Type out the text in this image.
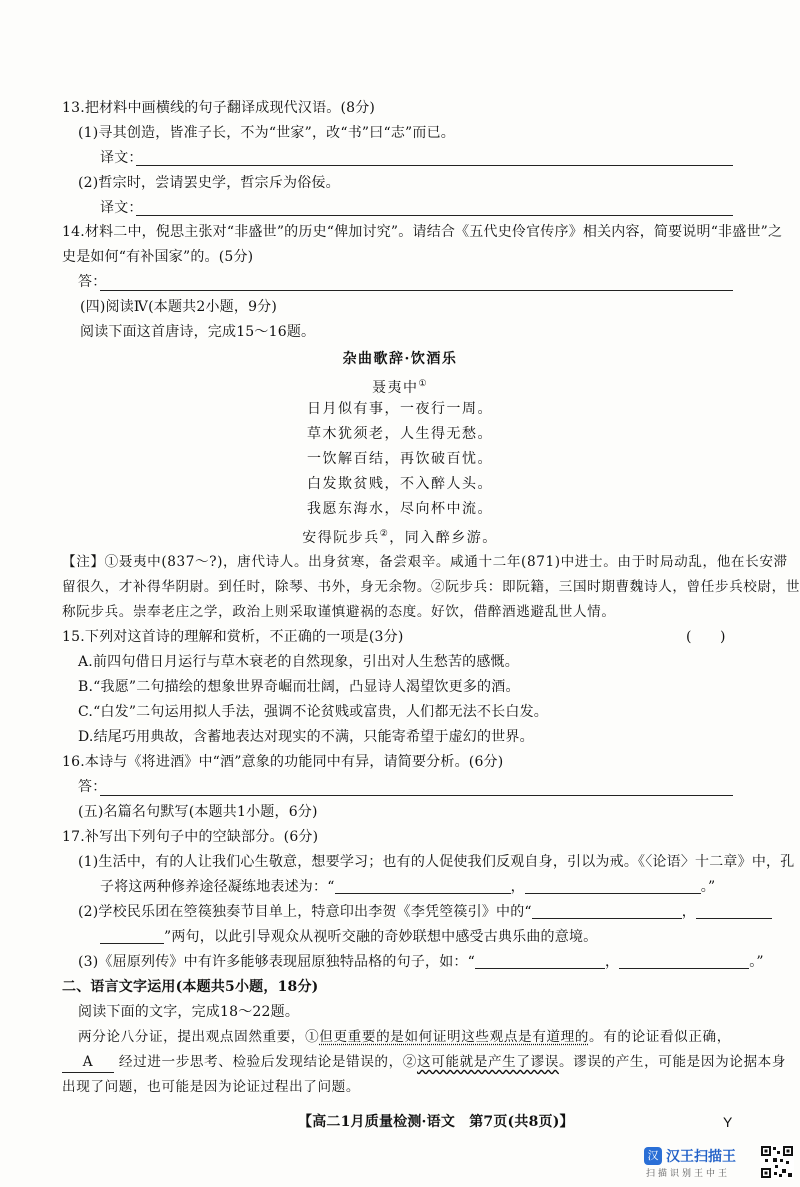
13.把材料中画横线的句子翻译成现代汉语。(8分)
(1)寻其创造，皆准子长，不为“世家”，改“书”曰“志”而已。
译文：
(2)哲宗时，尝请罢史学，哲宗斥为俗佞。
译文：
14.材料二中，倪思主张对“非盛世”的历史“俾加讨究”。请结合《五代史伶官传序》相关内容，简要说明“非盛世”之
史是如何“有补国家”的。(5分)
答：
(四)阅读Ⅳ(本题共2小题，9分)
阅读下面这首唐诗，完成15～16题。
杂曲歌辞·饮酒乐
聂夷中①
日月似有事，一夜行一周。
草木犹须老，人生得无愁。
一饮解百结，再饮破百忧。
白发欺贫贱，不入醉人头。
我愿东海水，尽向杯中流。
安得阮步兵②，同入醉乡游。
【注】①聂夷中(837～?)，唐代诗人。出身贫寒，备尝艰辛。咸通十二年(871)中进士。由于时局动乱，他在长安滞
留很久，才补得华阴尉。到任时，除琴、书外，身无余物。②阮步兵：即阮籍，三国时期曹魏诗人，曾任步兵校尉，世
称阮步兵。崇奉老庄之学，政治上则采取谨慎避祸的态度。好饮，借醉酒逃避乱世人情。
15.下列对这首诗的理解和赏析，不正确的一项是(3分)	(　　)
A.前四句借日月运行与草木衰老的自然现象，引出对人生愁苦的感慨。
B.“我愿”二句描绘的想象世界奇崛而壮阔，凸显诗人渴望饮更多的酒。
C.“白发”二句运用拟人手法，强调不论贫贱或富贵，人们都无法不长白发。
D.结尾巧用典故，含蓄地表达对现实的不满，只能寄希望于虚幻的世界。
16.本诗与《将进酒》中“酒”意象的功能同中有异，请简要分析。(6分)
答：
(五)名篇名句默写(本题共1小题，6分)
17.补写出下列句子中的空缺部分。(6分)
(1)生活中，有的人让我们心生敬意，想要学习；也有的人促使我们反观自身，引以为戒。《〈论语〉十二章》中，孔
子将这两种修养途径凝练地表述为：“	，	。”
(2)学校民乐团在箜篌独奏节目单上，特意印出李贺《李凭箜篌引》中的“	，
”两句，以此引导观众从视听交融的奇妙联想中感受古典乐曲的意境。
(3)《屈原列传》中有许多能够表现屈原独特品格的句子，如：“	，	。”
二、语言文字运用(本题共5小题，18分)
阅读下面的文字，完成18～22题。
两分论八分证，提出观点固然重要，①但更重要的是如何证明这些观点是有道理的。有的论证看似正确，
A 经过进一步思考、检验后发现结论是错误的，②这可能就是产生了谬误。谬误的产生，可能是因为论据本身
出现了问题，也可能是因为论证过程出了问题。
【高二1月质量检测·语文　第7页(共8页)】	Y
汉 汉王扫描王
扫描识别王中王
